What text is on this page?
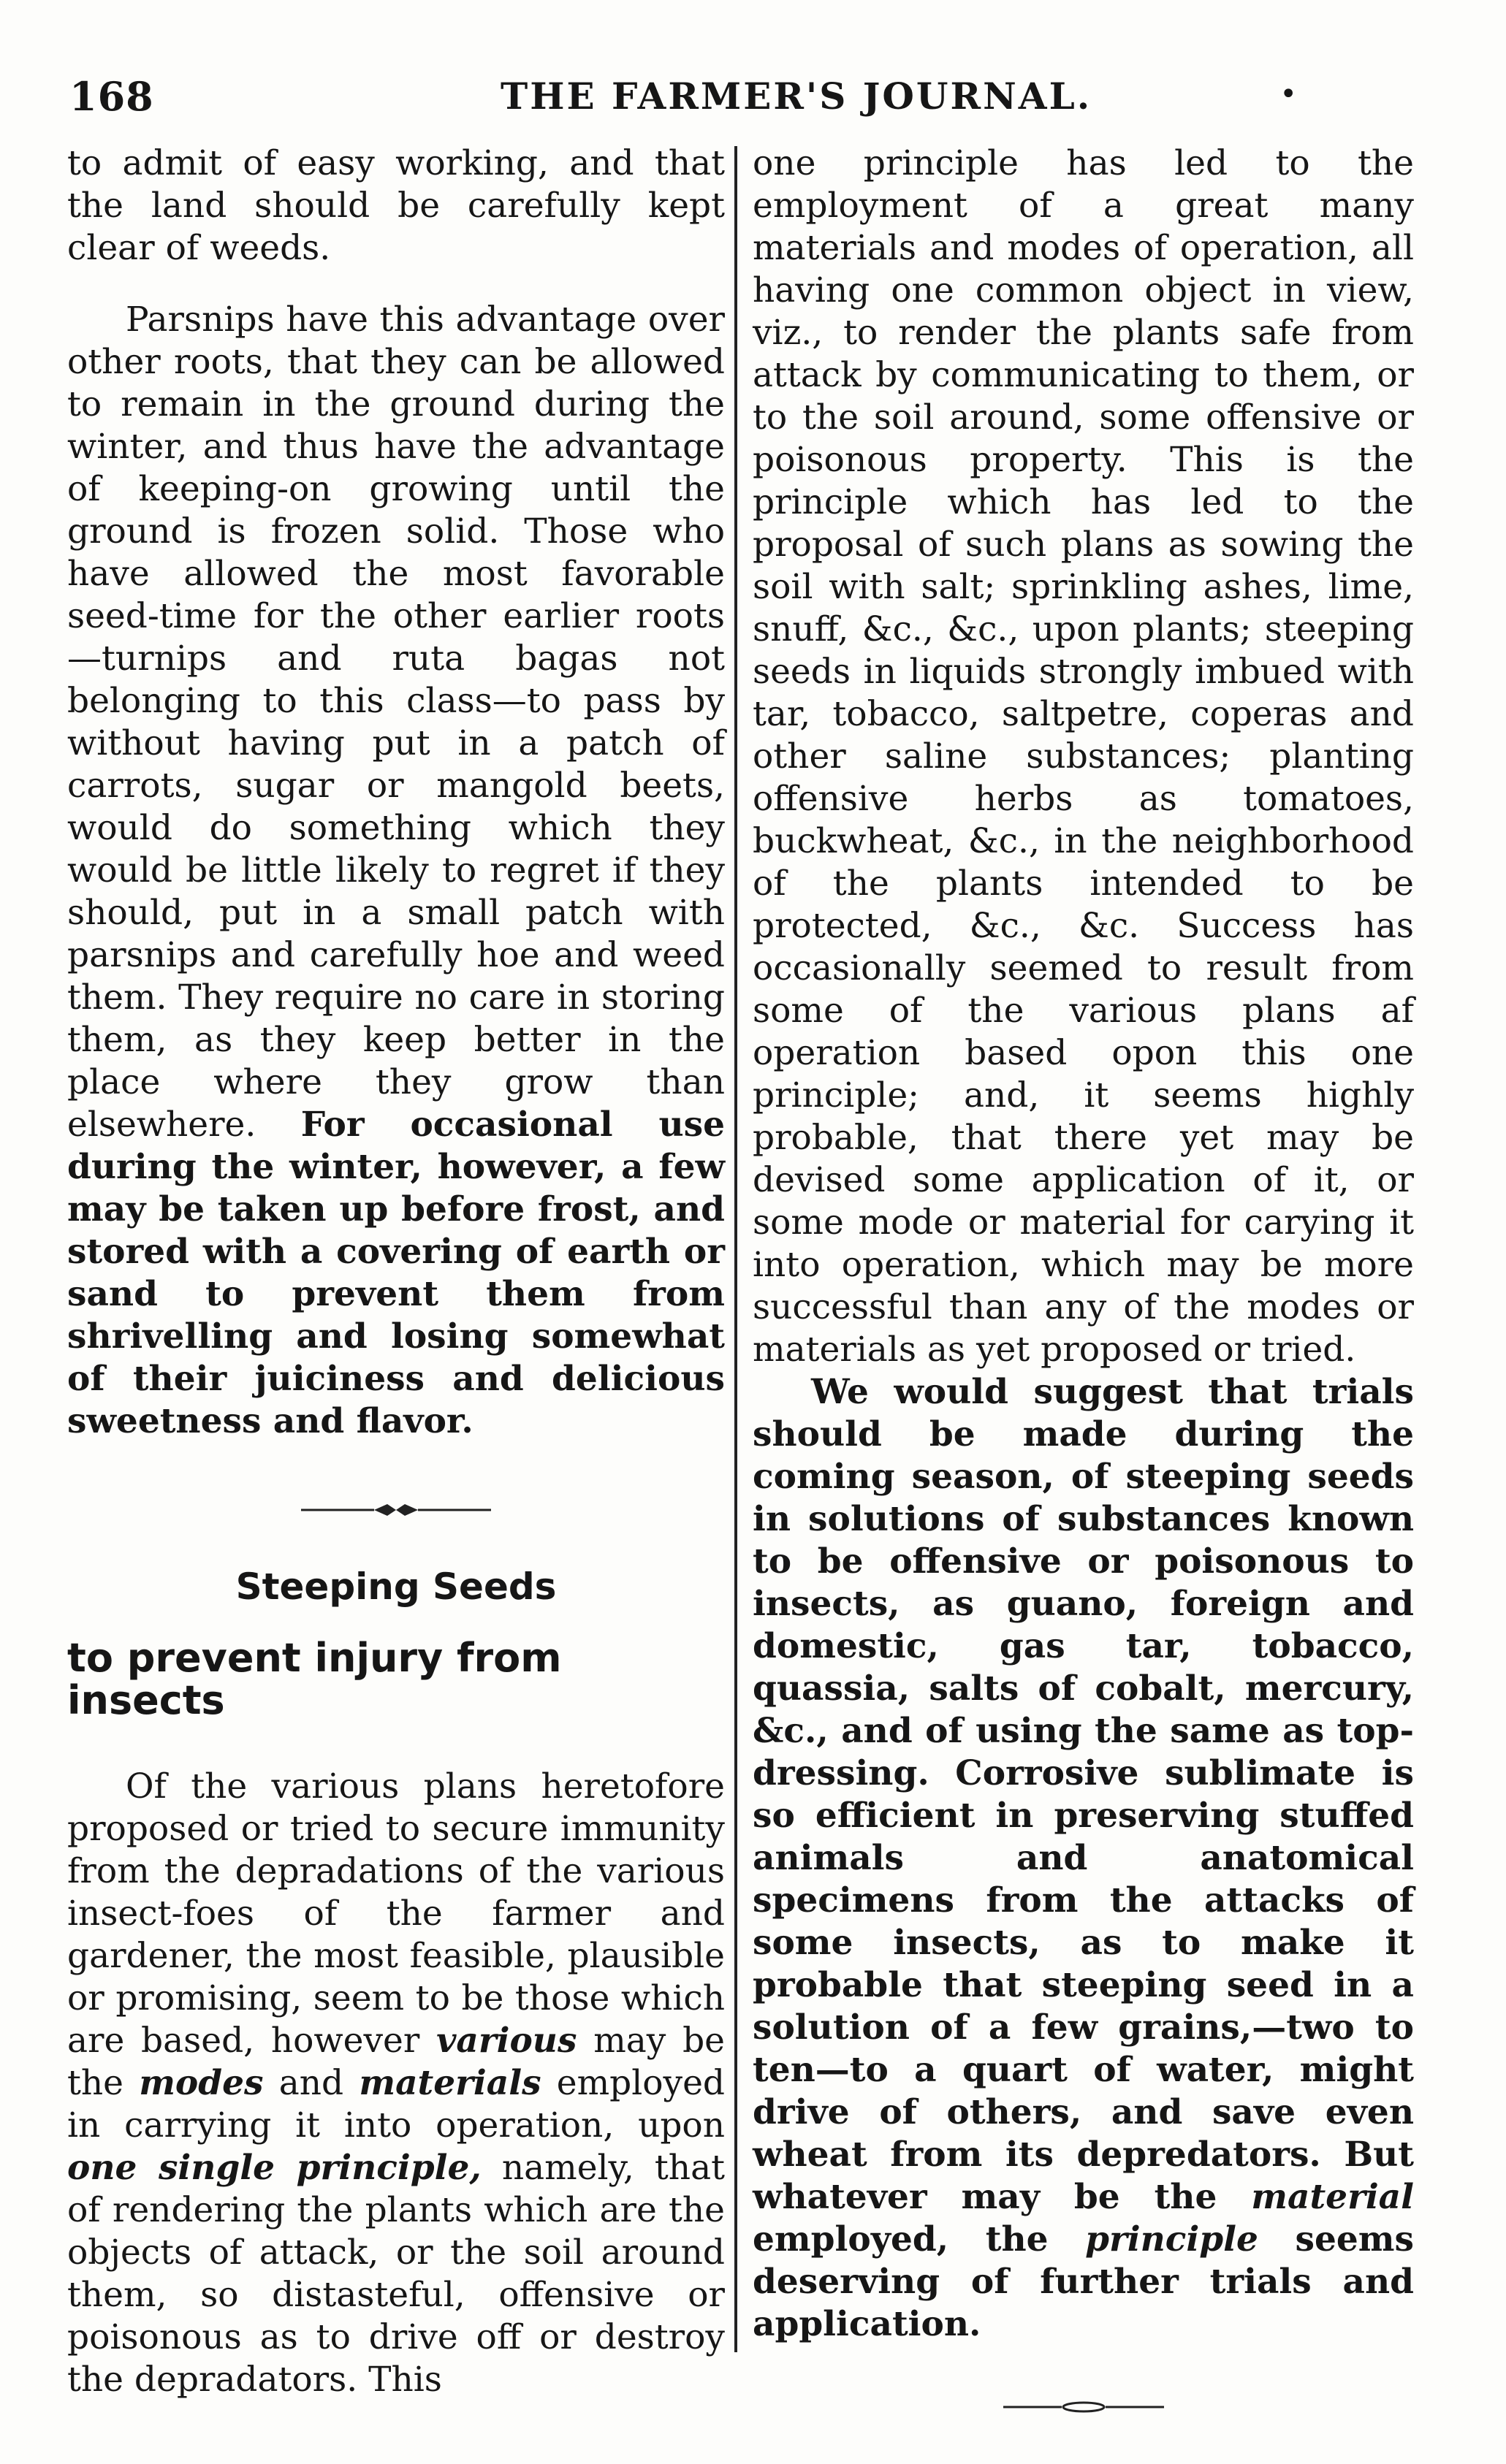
168	THE FARMER'S JOURNAL.	•

to admit of easy working, and that the land should be carefully kept clear of weeds.

Parsnips have this advantage over other roots, that they can be allowed to remain in the ground during the winter, and thus have the advantage of keeping-on growing until the ground is frozen solid. Those who have allowed the most favorable seed-time for the other earlier roots —turnips and ruta bagas not belonging to this class—to pass by without having put in a patch of carrots, sugar or mangold beets, would do something which they would be little likely to regret if they should, put in a small patch with parsnips and carefully hoe and weed them. They require no care in storing them, as they keep better in the place where they grow than elsewhere. For occasional use during the winter, however, a few may be taken up before frost, and stored with a covering of earth or sand to prevent them from shrivelling and losing somewhat of their juiciness and delicious sweetness and flavor.

Steeping Seeds
to prevent injury from insects

Of the various plans heretofore proposed or tried to secure immunity from the depradations of the various insect-foes of the farmer and gardener, the most feasible, plausible or promising, seem to be those which are based, however various may be the modes and materials employed in carrying it into operation, upon one single principle, namely, that of rendering the plants which are the objects of attack, or the soil around them, so distasteful, offensive or poisonous as to drive off or destroy the depradators. This

one principle has led to the employment of a great many materials and modes of operation, all having one common object in view, viz., to render the plants safe from attack by communicating to them, or to the soil around, some offensive or poisonous property. This is the principle which has led to the proposal of such plans as sowing the soil with salt; sprinkling ashes, lime, snuff, &c., &c., upon plants; steeping seeds in liquids strongly imbued with tar, tobacco, saltpetre, coperas and other saline substances; planting offensive herbs as tomatoes, buckwheat, &c., in the neighborhood of the plants intended to be protected, &c., &c. Success has occasionally seemed to result from some of the various plans af operation based opon this one principle; and, it seems highly probable, that there yet may be devised some application of it, or some mode or material for carying it into operation, which may be more successful than any of the modes or materials as yet proposed or tried.

We would suggest that trials should be made during the coming season, of steeping seeds in solutions of substances known to be offensive or poisonous to insects, as guano, foreign and domestic, gas tar, tobacco, quassia, salts of cobalt, mercury, &c., and of using the same as top-dressing. Corrosive sublimate is so efficient in preserving stuffed animals and anatomical specimens from the attacks of some insects, as to make it probable that steeping seed in a solution of a few grains,—two to ten—to a quart of water, might drive of others, and save even wheat from its depredators. But whatever may be the material employed, the principle seems deserving of further trials and application.
